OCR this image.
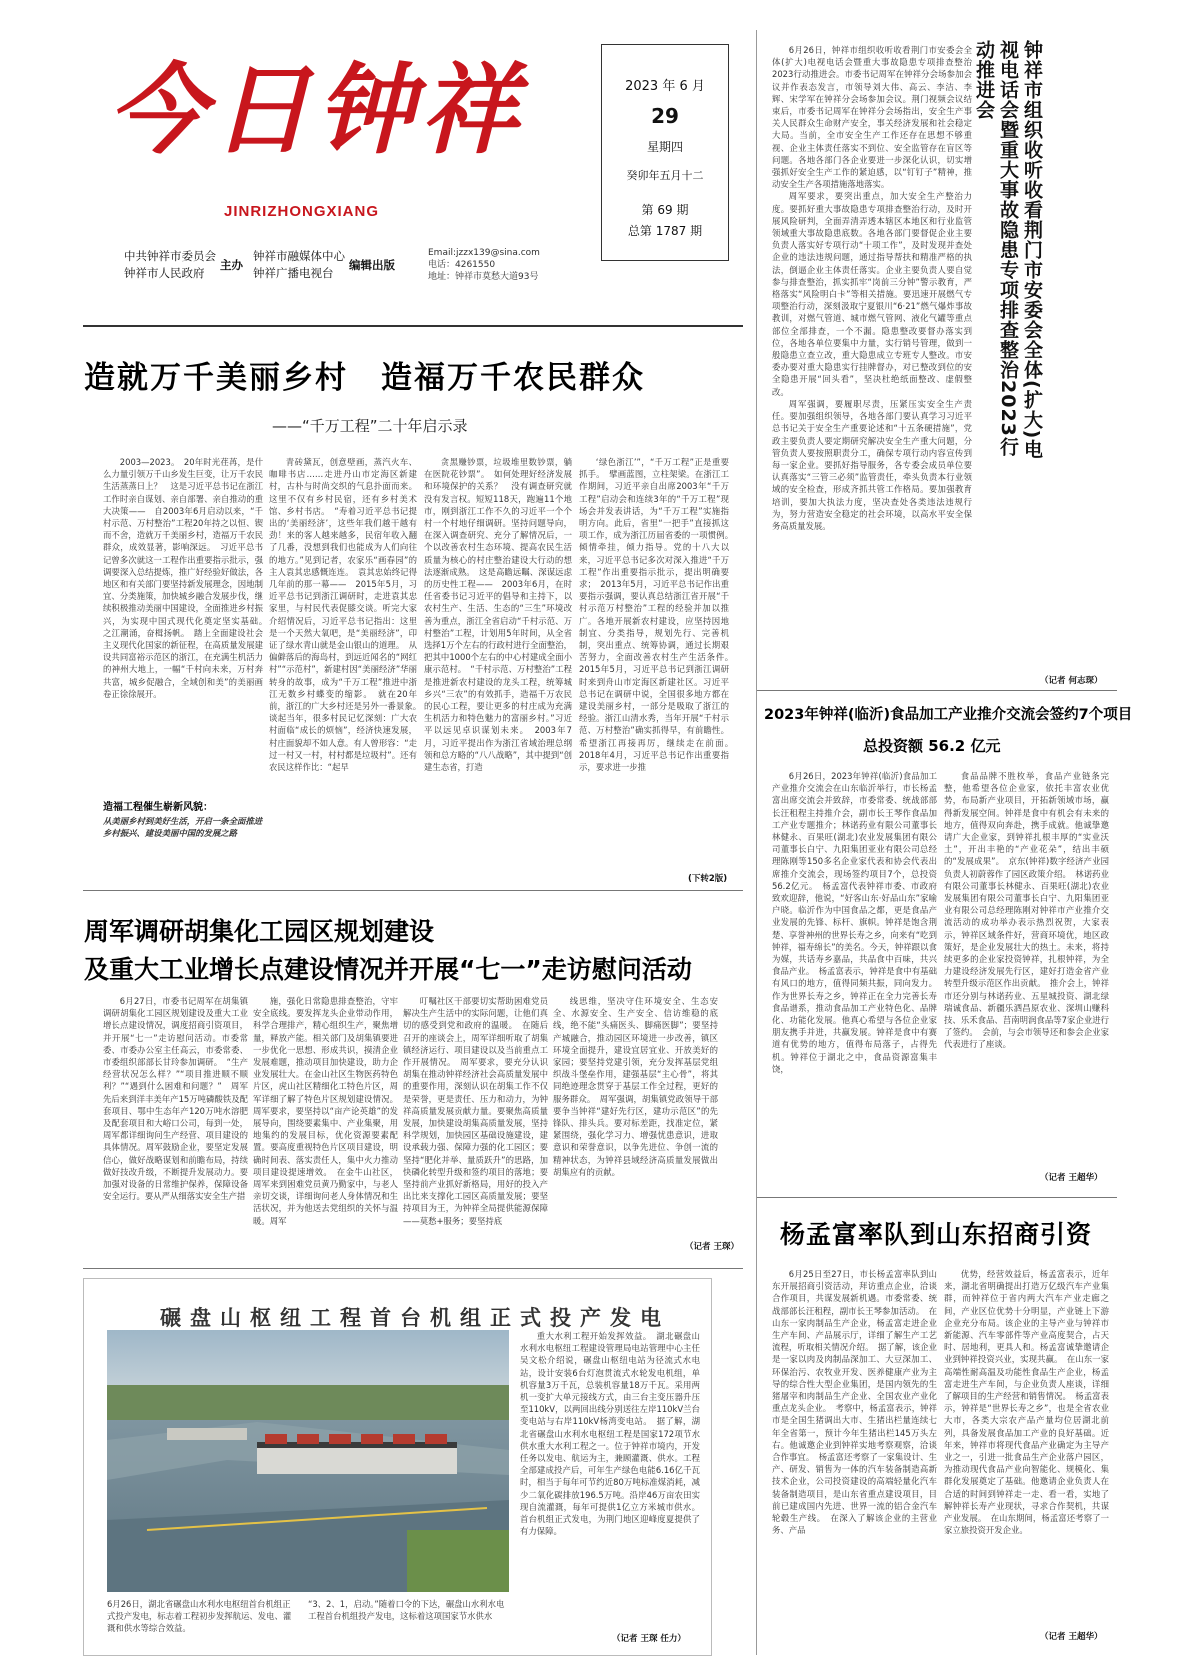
今日钟祥
JINRIZHONGXIANG
中共钟祥市委员会
钟祥市人民政府
主办
钟祥市融媒体中心
钟祥广播电视台
编辑出版
Email:jzzx139@sina.com
电话：4261550
地址：钟祥市莫愁大道93号
2023 年 6 月
29
星期四
癸卯年五月十二
第 69 期
总第 1787 期	钟祥市组织收听收看荆门市安委会全体(扩大)电视电话会暨重大事故隐患专项排查整治2023行动推进会

6月26日，钟祥市组织收听收看荆门市安委会全体(扩大)电视电话会暨重大事故隐患专项排查整治2023行动推进会。市委书记周军在钟祥分会场参加会议并作表态发言，市领导刘大伟、高云、李洁、李辉、宋学军在钟祥分会场参加会议。荆门视频会议结束后，市委书记周军在钟祥分会场指出，安全生产事关人民群众生命财产安全，事关经济发展和社会稳定大局。当前，全市安全生产工作还存在思想不够重视、企业主体责任落实不到位、安全监管存在盲区等问题。各地各部门各企业要进一步深化认识，切实增强抓好安全生产工作的紧迫感，以“钉钉子”精神，推动安全生产各项措施落地落实。

周军要求，要突出重点，加大安全生产整治力度。要抓好重大事故隐患专项排查整治行动，及时开展风险研判，全面弄清弄透本辖区本地区和行业监管领域重大事故隐患底数。各地各部门要督促企业主要负责人落实好专项行动“十项工作”，及时发现并查处企业的违法违规问题，通过指导帮扶和精准严格的执法，倒逼企业主体责任落实。企业主要负责人要自觉参与排查整治，抓实抓牢“岗前三分钟”警示教育，严格落实“风险明白卡”等相关措施。要迅速开展燃气专项整治行动，深刻汲取宁夏银川“6·21”燃气爆炸事故教训，对燃气管道、城市燃气管网、液化气罐等重点部位全部排查，一个不漏。隐患整改要督办落实到位，各地各单位要集中力量，实行销号管理，做到一般隐患立查立改，重大隐患成立专班专人整改。市安委办要对重大隐患实行挂牌督办，对已整改到位的安全隐患开展“回头看”，坚决杜绝纸面整改、虚假整改。

周军强调，要履职尽责，压紧压实安全生产责任。要加强组织领导，各地各部门要认真学习习近平总书记关于安全生产重要论述和“十五条硬措施”，党政主要负责人要定期研究解决安全生产重大问题，分管负责人要按照职责分工，确保专项行动内容宣传到每一家企业。要抓好指导服务，各专委会成员单位要认真落实“三管三必须”监管责任，牵头负责本行业领域的安全检查，形成齐抓共管工作格局。要加强教育培训，要加大执法力度，坚决查处各类违法违规行为，努力营造安全稳定的社会环境，以高水平安全保务高质量发展。

（记者 何志琛）
造就万千美丽乡村　造福万千农民群众
——“千万工程”二十年启示录

2003—2023。　20年时光荏苒，是什么力量引领万千山乡发生巨变，让万千农民生活蒸蒸日上？　这是习近平总书记在浙江工作时亲自谋划、亲自部署、亲自推动的重大决策——　自2003年6月启动以来，“千村示范、万村整治”工程20年持之以恒、锲而不舍，造就万千美丽乡村，造福万千农民群众，成效显著，影响深远。　习近平总书记曾多次就这一工程作出重要指示批示，强调要深入总结提炼，推广好经验好做法，各地区和有关部门要坚持新发展理念，因地制宜、分类施策，加快城乡融合发展步伐，继续积极推动美丽中国建设，全面推进乡村振兴，为实现中国式现代化奠定坚实基础。　之江潮涌，奋楫扬帆。　踏上全面建设社会主义现代化国家的新征程，在高质量发展建设共同富裕示范区的浙江，在充满生机活力的神州大地上，一幅“千村向未来，万村奔共富，城乡促融合，全域创和美”的美丽画卷正徐徐展开。

造福工程催生崭新风貌：
从美丽乡村到美好生活，开启一条全面推进乡村振兴、建设美丽中国的发展之路

青砖黛瓦，创意壁画，蒸汽火车、咖啡书店……走进丹山市定海区新建村，古朴与时尚交织的气息扑面而来。这里不仅有乡村民宿，还有乡村美术馆、乡村书店。　“寿着习近平总书记提出的‘美丽经济’，这些年我们越干越有劲！来的客人越来越多，民宿年收入翻了几番，没想到我们也能成为人们向往的地方。”见到记者，农家乐“画春园”的主人袁其忠感慨连连。　袁其忠始终记得几年前的那一幕——　2015年5月，习近平总书记到浙江调研时，走进袁其忠家里，与村民代表促膝交谈。听完大家介绍情况后，习近平总书记指出：这里是一个天然大氧吧，是“美丽经济”，印证了绿水青山就是金山银山的道理。　从偏僻落后的海岛村，到远近闻名的“网红村”“示范村”，新建村因“美丽经济”华丽转身的故事，成为“千万工程”推进中浙江无数乡村蝶变的缩影。　就在20年前，浙江的广大乡村还是另外一番景象。　谈起当年，很多村民记忆深刻：广大农村面临“成长的烦恼”，经济快速发展，村庄面貌却不如人意。有人曾形容：“走过一村又一村，村村都是垃圾村”。还有农民这样作比：“起早

贪黑赚钞票，垃圾堆里数钞票，躺在医院花钞票”。　如何处理好经济发展和环境保护的关系？　没有调查研究就没有发言权。短短118天，跑遍11个地市，刚到浙江工作不久的习近平一个个村一个村地仔细调研。坚持问题导向，在深入调查研究、充分了解情况后，一个以改善农村生态环境、提高农民生活质量为核心的村庄整治建设大行动的想法逐渐成熟。　这是高瞻远瞩、深谋远虑的历史性工程——　2003年6月，在时任省委书记习近平的倡导和主持下，以农村生产、生活、生态的“三生”环境改善为重点，浙江全省启动“千村示范、万村整治”工程，计划用5年时间，从全省选择1万个左右的行政村进行全面整治，把其中1000个左右的中心村建成全面小康示范村。　“千村示范、万村整治”工程是推进新农村建设的龙头工程，统筹城乡兴“三农”的有效抓手，造福千万农民的民心工程，要让更多的村庄成为充满生机活力和特色魅力的富丽乡村。”习近平以远见卓识谋划未来。　2003年7月，习近平提出作为浙江省域治理总纲领和总方略的“八八战略”，其中提到“创建生态省，打造

‘绿色浙江’”，“千万工程”正是重要抓手。　擘画蓝图，立柱架梁。在浙江工作期间，习近平亲自出席2003年“千万工程”启动会和连续3年的“千万工程”现场会并发表讲话，为“千万工程”实施指明方向。此后，省里“一把手”直接抓这项工作，成为浙江历届省委的一项惯例。　倾情牵挂，倾力指导。党的十八大以来，习近平总书记多次对深入推进“千万工程”作出重要指示批示，提出明确要求；　2013年5月，习近平总书记作出重要指示强调，要认真总结浙江省开展“千村示范万村整治”工程的经验并加以推广。各地开展新农村建设，应坚持因地制宜、分类指导，规划先行、完善机制，突出重点、统筹协调，通过长期艰苦努力，全面改善农村生产生活条件。　2015年5月，习近平总书记到浙江调研时来到舟山市定海区新建社区。习近平总书记在调研中说，全国很多地方都在建设美丽乡村，一部分是吸取了浙江的经验。浙江山清水秀，当年开展“千村示范、万村整治”确实抓得早，有前瞻性。希望浙江再接再厉，继续走在前面。　2018年4月，习近平总书记作出重要指示，要求进一步推

(下转2版)
周军调研胡集化工园区规划建设
及重大工业增长点建设情况并开展“七一”走访慰问活动

6月27日，市委书记周军在胡集镇调研胡集化工园区规划建设及重大工业增长点建设情况，调度招商引资项目，并开展“七一”走访慰问活动。市委常委、市委办公室主任高云，市委常委、市委组织部部长甘玲参加调研。　“生产经营状况怎么样？”“项目推进顺不顺利？”“遇到什么困难和问题？”　周军先后来到洋丰美年产15万吨磷酸铁及配套项目、鄂中生态年产120万吨水溶肥及配套项目和大峪口公司，每到一处，周军都详细询问生产经营、项目建设的具体情况。周军鼓励企业，要坚定发展信心，做好战略谋划和前瞻布局，持续做好技改升级，不断提升发展动力。要加强对设备的日常维护保养，保障设备安全运行。要从严从细落实安全生产措

施，强化日常隐患排查整治，守牢安全底线。要发挥龙头企业带动作用，科学合理排产，精心组织生产，聚焦增量，释放产能。相关部门及胡集镇要进一步优化一思想、形成共识，摸清企业发展难题，推动项目加快建设，助力企业发展壮大。在金山社区生物医药特色片区，虎山社区精细化工特色片区，周军详细了解了特色片区规划建设情况。周军要求，要坚持以“亩产论英雄”的发展导向，围绕要素集中、产业集聚，用地集约的发展目标，优化资源要素配置。要高度重视特色片区项目建设，明确时间表、落实责任人，集中火力推动项目建设提速增效。　在金牛山社区，周军来到困难党员黄乃勤家中，与老人亲切交谈，详细询问老人身体情况和生活状况，并为他送去党组织的关怀与温暖。周军

叮嘱社区干部要切实帮助困难党员解决生产生活中的实际问题，让他们真切的感受到党和政府的温暖。　在随后召开的座谈会上，周军详细听取了胡集镇经济运行、项目建设以及当前重点工作开展情况。　周军要求，要充分认识胡集在推动钟祥经济社会高质量发展中的重要作用，深刻认识在胡集工作不仅是荣誉，更是责任、压力和动力，为钟祥高质量发展贡献力量。要聚焦高质量发展，加快建设胡集高质量发展，坚持科学规划，加快园区基础设施建设，建设承载力强、保障力强的化工园区；要坚持“肥化并举、量质跃升”的思路，加快磷化转型升级和签约项目的落地；要坚持前产业抓好新格局，用好的投入产出比来支撑化工园区高质量发展；要坚持项目为王，为钟祥全局提供能源保障——莫愁+服务；要坚持底

线思维，坚决守住环境安全、生态安全、水源安全、生产安全、信访维稳的底线，绝不能“头痛医头、脚痛医脚”；要坚持产城融合，推动园区环境进一步改善，镇区环境全面提升，建设宜居宜业、开放美好的家园；要坚持党建引领，充分发挥基层党组织战斗堡垒作用，建强基层“主心骨”，将其同绝迹理念贯穿于基层工作全过程，更好的服务群众。　周军强调，胡集镇党政领导干部要争当钟祥“建好先行区，建功示范区”的先锋队、排头兵。要对标差距，找准定位，紧紧围绕，强化学习力、增强忧患意识，进取意识和荣誉意识，以争先进位、争创一流的精神状态，为钟祥县域经济高质量发展做出胡集应有的贡献。

（记者 王琛）
2023年钟祥(临沂)食品加工产业推介交流会签约7个项目
总投资额 56.2 亿元

6月26日，2023年钟祥(临沂)食品加工产业推介交流会在山东临沂举行，市长杨孟富出席交流会并致辞，市委常委、统战部部长汪租程主持推介会，副市长王琴作食品加工产业专题推介；林诺药业有限公司董事长林健永、百果旺(湖北)农业发展集团有限公司董事长白宁、九阳集团亚业有限公司总经理陈刚等150多名企业家代表和协会代表出席推介交流会，现场签约项目7个，总投资56.2亿元。　杨孟富代表钟祥市委、市政府致欢迎辞，他说，“好客山东·好品山东”家喻户晓。临沂作为中国食品之都，更是食品产业发展的先锋、标杆、旗帜。钟祥是饱含荆楚、享誉神州的世界长寿之乡，向来有“吃到钟祥，福寿绵长”的美名。今天，钟祥跟以食为媒，共话寿乡嘉品，共品食中百味，共兴食品产业。　杨孟富表示，钟祥是食中有基础有风口的地方，值得同频共振，同向发力。作为世界长寿之乡，钟祥正在全力完善长寿食品谱系，推动食品加工产业特色化、品牌化、功能化发展。他真心希望与各位企业家朋友携手并进，共赢发展。钟祥是食中有赛道有优势的地方，值得布局落子，占得先机。钟祥位于湖北之中，食品资源富集丰饶，

食品品牌不胜枚举，食品产业链条完整，他希望各位企业家，依托丰富农业优势，布局新产业项目，开拓新领域市场，赢得新发展空间。钟祥是食中有机会有未来的地方，值得双向奔赴，携手成就。他诚挚邀请广大企业家，到钟祥扎根丰厚的“实业沃土”，开出丰艳的“产业花朵”，结出丰硕的“发展成果”。　京东(钟祥)数字经济产业园负责人初蔚蓉作了园区政策介绍。　林诺药业有限公司董事长林健永、百果旺(湖北)农业发展集团有限公司董事长白宁、九阳集团亚业有限公司总经理陈刚对钟祥市产业推介交流活动的成功举办表示热烈祝贺，大家表示，钟祥区域条件好，营商环境优，地区政策好，是企业发展壮大的热土。未来，将持续更多的企业家投资钟祥，扎根钟祥，为全力建设经济发展先行区，建好打造金省产业转型升级示范区作出贡献。　推介会上，钟祥市还分别与林诺药业、五星城投资、湖北绿瑞诚食品、新疆乐洒昌原农业、深圳山赚科技、乐禾食品、莒南明润食品等7家企业进行了签约。　会前，与会市领导还和参会企业家代表进行了座谈。

（记者 王超华）
杨孟富率队到山东招商引资

6月25日至27日，市长杨孟富率队到山东开展招商引资活动，拜访重点企业，洽谈合作项目，共谋发展新机遇。市委常委、统战部部长汪租程，副市长王琴参加活动。　在山东一家肉制品生产企业，杨孟富走进企业生产车间、产品展示厅，详细了解生产工艺流程，听取相关情况介绍。　据了解，该企业是一家以肉及肉制品深加工、大豆深加工、环保治污、农牧业开发、医养健康产业为主导的综合性大型企业集团，是国内领先的生猪屠宰和肉制品生产企业、全国农业产业化重点龙头企业。　考察中，杨孟富表示，钟祥市是全国生猪调出大市、生猪出栏量连续七年全省第一，预计今年生猪出栏145万头左右。他诚邀企业到钟祥实地考察观察，洽谈合作事宜。　杨孟富还考察了一家集设计、生产、研发、销售为一体的汽车装备制造高新技术企业，公司投资建设的高端轻量化汽车装备制造项目，是山东省重点建设项目，目前已建成国内先进、世界一流的铝合金汽车轮毂生产线。　在深入了解该企业的主营业务、产品

优势，经营效益后，杨孟富表示，近年来，湖北省明确提出打造万亿级汽车产业集群，而钟祥位于省内两大汽车产业走廊之间，产业区位优势十分明显，产业链上下游企业充分布局。该企业的主导产业与钟祥市新能源、汽车零部件等产业高度契合，占天时、居地利，更具人和。杨孟富诚挚邀请企业到钟祥投资兴业，实现共赢。　在山东一家高端性耐高温及功能性食品生产企业，杨孟富走进生产车间，与企业负责人座谈，详细了解项目的生产经营和销售情况。　杨孟富表示，钟祥是“世界长寿之乡”，也是全省农业大市，各类大宗农产品产量均位居湖北前列，具备发展食品加工产业的良好基础。近年来，钟祥市将现代食品产业确定为主导产业之一，引进一批食品生产企业落户园区，为推动现代食品产业向智能化、规模化、集群化发展奠定了基础。他邀请企业负责人在合适的时间到钟祥走一走、看一看，实地了解钟祥长寿产业现状，寻求合作契机，共谋产业发展。　在山东期间，杨孟富还考察了一家立旅投资开发企业。

（记者 王超华）
碾盘山枢纽工程首台机组正式投产发电
6月26日，湖北省碾盘山水利水电枢纽首台机组正式投产发电，标志着工程初步发挥航运、发电、灌溉和供水等综合效益。
“3、2、1，启动。”随着口令的下达，碾盘山水利水电工程首台机组投产发电，这标着这项国家节水供水

重大水利工程开始发挥效益。　湖北碾盘山水利水电枢纽工程建设管理局电站管理中心主任吴文松介绍说，碾盘山枢纽电站为径流式水电站，设计安装6台灯泡贯流式水轮发电机组，单机容量3万千瓦，总装机容量18万千瓦。采用两机一变扩大单元接线方式，由三台主变压器升压至110kV，以两回出线分别送往左岸110kV兰台变电站与右岸110kV杨湾变电站。　据了解，湖北省碾盘山水利水电枢纽工程是国家172项节水供水重大水利工程之一。位于钟祥市境内，开发任务以发电、航运为主，兼顾灌溉、供水。工程全部建成投产后，可年生产绿色电能6.16亿千瓦时，相当于每年可节约近80万吨标准煤消耗，减少二氧化碳排放196.5万吨。沿岸46万亩农田实现自流灌溉，每年可提供1亿立方米城市供水。首台机组正式发电，为荆门地区迎峰度夏提供了有力保障。

（记者 王琛 任力）
